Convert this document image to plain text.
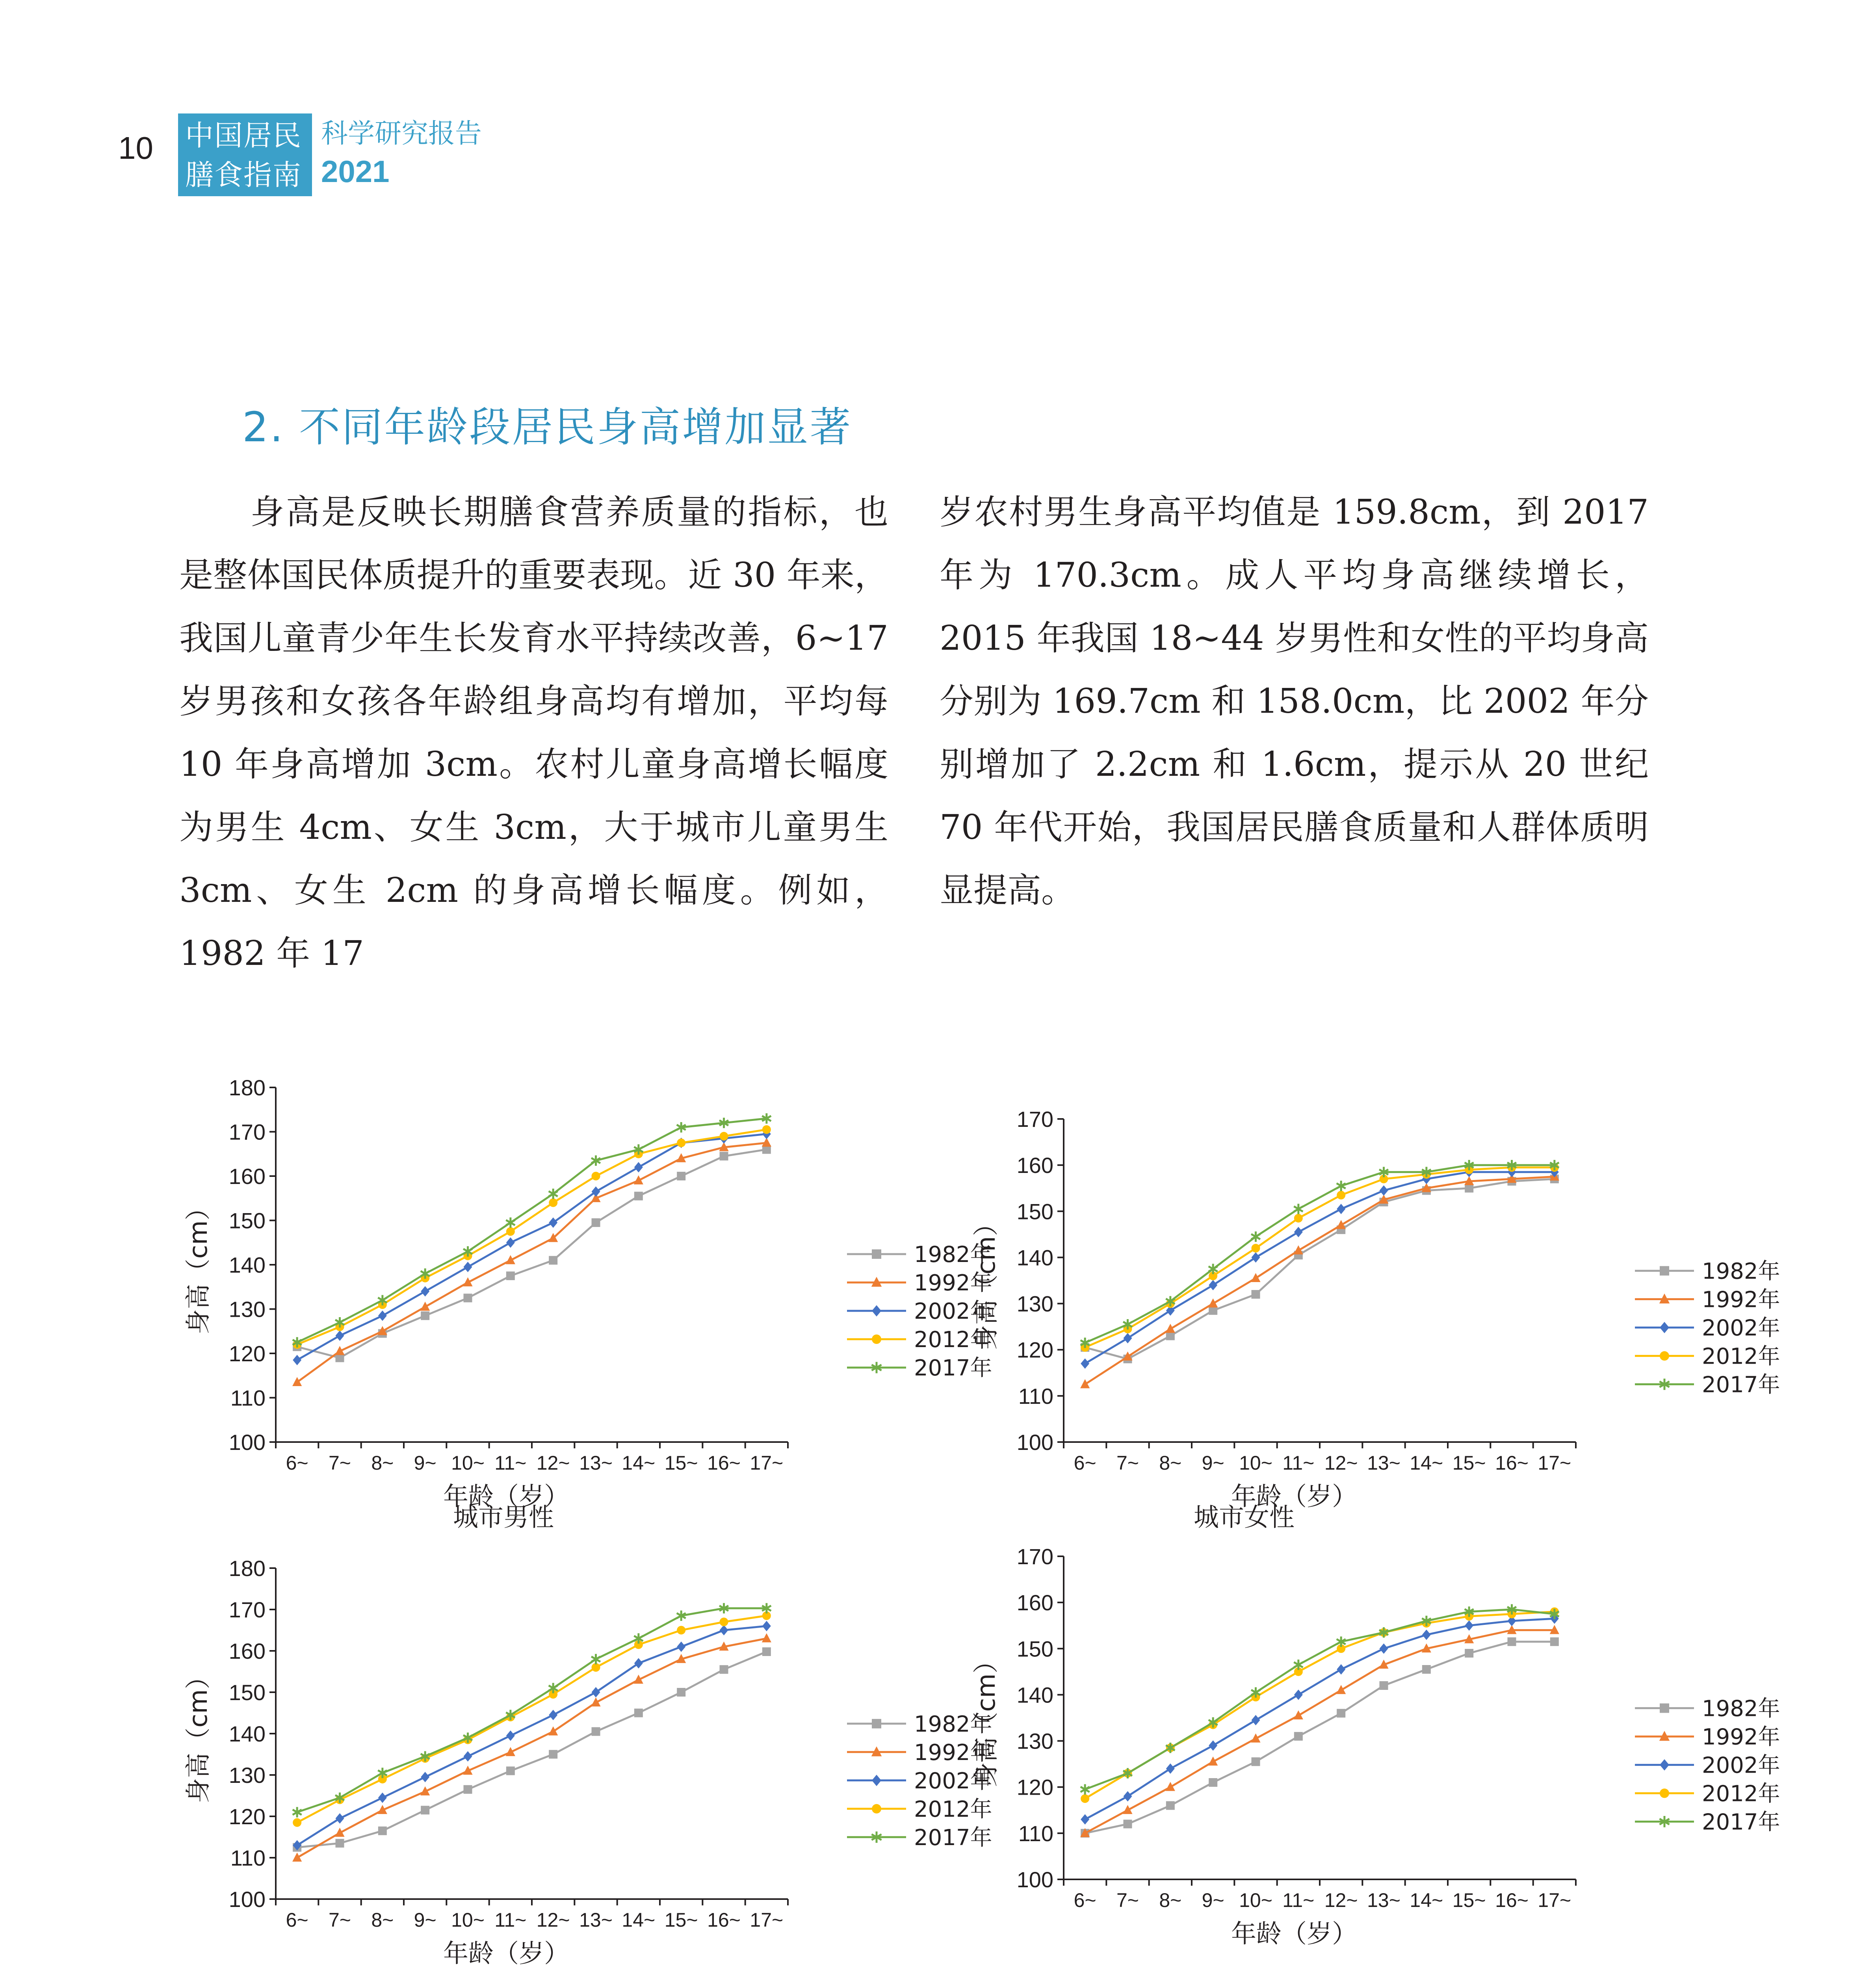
10 中国居民
膳食指南
科学研究报告
2021
2. 不同年龄段居民身高增加显著
　　身高是反映长期膳食营养质量的指标，也是整体国民体质提升的重要表现。近 30 年来，我国儿童青少年生长发育水平持续改善，6~17 岁男孩和女孩各年龄组身高均有增加，平均每 10 年身高增加 3cm。农村儿童身高增长幅度为男生 4cm、女生 3cm，大于城市儿童男生 3cm、女生 2cm 的身高增长幅度。例如，1982 年 17
岁农村男生身高平均值是 159.8cm，到 2017 年为 170.3cm。成人平均身高继续增长，2015 年我国 18~44 岁男性和女性的平均身高分别为 169.7cm 和 158.0cm，比 2002 年分别增加了 2.2cm 和 1.6cm，提示从 20 世纪 70 年代开始，我国居民膳食质量和人群体质明显提高。
100
110
120
130
140
150
160
170
180
6~ 7~ 8~ 9~ 10~ 11~ 12~ 13~ 14~ 15~ 16~ 17~
年龄（岁）
身高（cm）	1982年
1992年
2002年
2012年
2017年
城市男性
100
110
120
130
140
150
160
170
6~ 7~ 8~ 9~ 10~ 11~ 12~ 13~ 14~ 15~ 16~ 17~
年龄（岁）
身高（cm）	1982年
1992年
2002年
2012年
2017年
城市女性
100
110
120
130
140
150
160
170
180
6~ 7~ 8~ 9~ 10~ 11~ 12~ 13~ 14~ 15~ 16~ 17~
年龄（岁）
身高（cm）	1982年
1992年
2002年
2012年
2017年
100
110
120
130
140
150
160
170
6~ 7~ 8~ 9~ 10~ 11~ 12~ 13~ 14~ 15~ 16~ 17~
年龄（岁）
身高（cm）	1982年
1992年
2002年
2012年
2017年
